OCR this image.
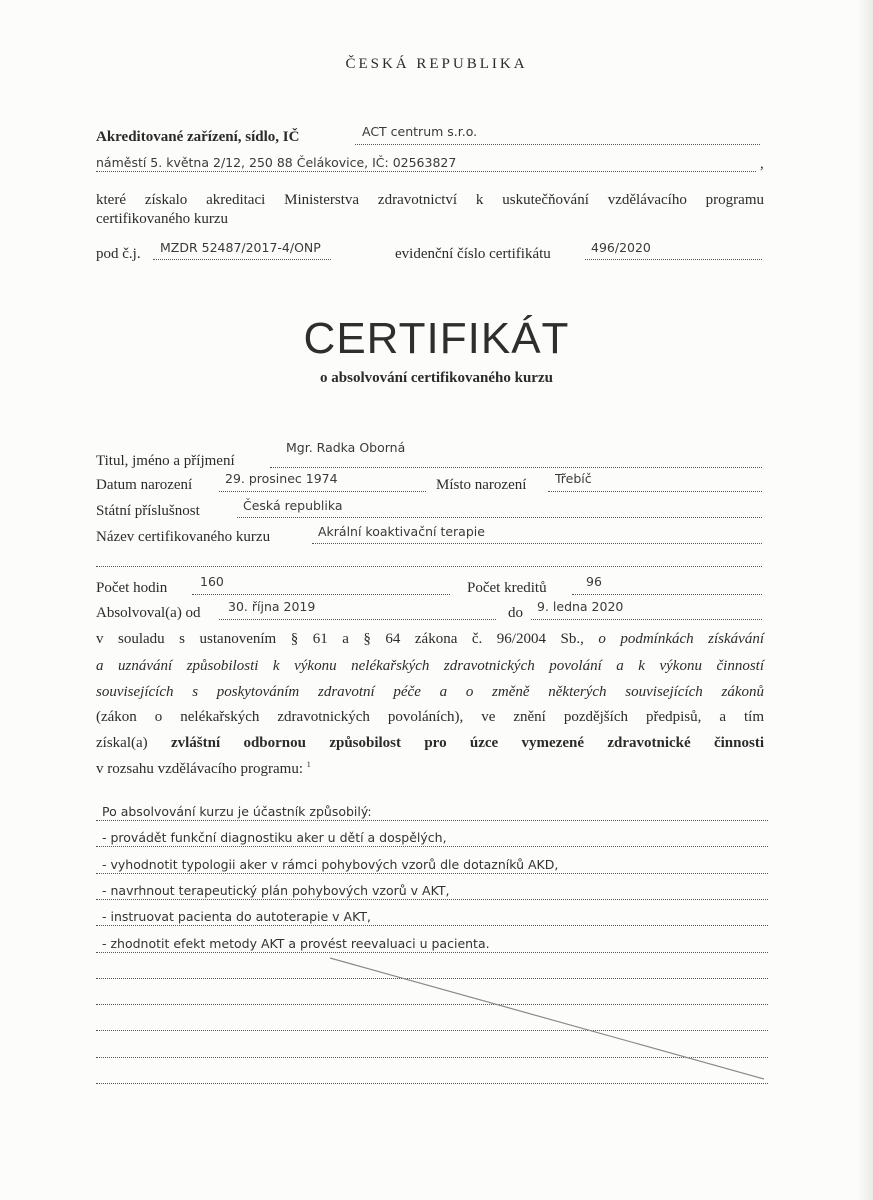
ČESKÁ REPUBLIKA
Akreditované zařízení, sídlo, IČ	ACT centrum s.r.o.
náměstí 5. května 2/12, 250 88 Čelákovice, IČ: 02563827	,
které získalo akreditaci Ministerstva zdravotnictví k uskutečňování vzdělávacího programu
certifikovaného kurzu
pod č.j. MZDR 52487/2017-4/ONP	evidenční číslo certifikátu	496/2020
CERTIFIKÁT
o absolvování certifikovaného kurzu
Titul, jméno a příjmení
Mgr. Radka Oborná
Datum narození	29. prosinec 1974	Místo narození Třebíč
Státní příslušnost	Česká republika
Název certifikovaného kurzu	Akrální koaktivační terapie
Počet hodin	160	Počet kreditů	96
Absolvoval(a) od 30. října 2019	do 9. ledna 2020
v souladu s ustanovením § 61 a § 64 zákona č. 96/2004 Sb., o podmínkách získávání
a uznávání způsobilosti k výkonu nelékařských zdravotnických povolání a k výkonu činností
souvisejících s poskytováním zdravotní péče a o změně některých souvisejících zákonů
(zákon o nelékařských zdravotnických povoláních), ve znění pozdějších předpisů, a tím
získal(a) zvláštní odbornou způsobilost pro úzce vymezené zdravotnické činnosti
v rozsahu vzdělávacího programu: $^1$
Po absolvování kurzu je účastník způsobilý:
- provádět funkční diagnostiku aker u dětí a dospělých,
- vyhodnotit typologii aker v rámci pohybových vzorů dle dotazníků AKD,
- navrhnout terapeutický plán pohybových vzorů v AKT,
- instruovat pacienta do autoterapie v AKT,
- zhodnotit efekt metody AKT a provést reevaluaci u pacienta.
